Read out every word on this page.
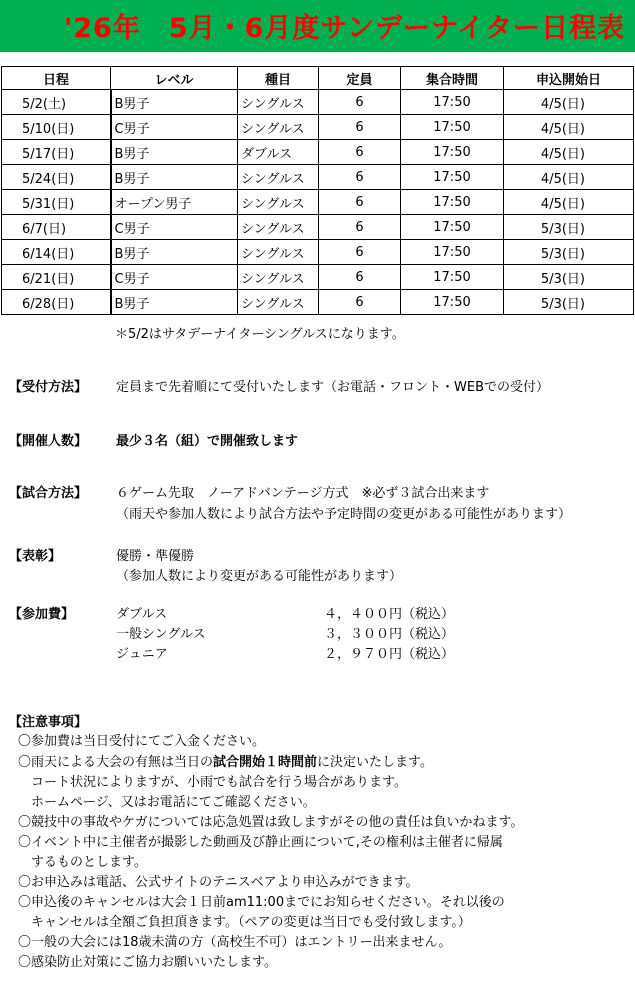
'26年　5月・6月度サンデーナイター日程表
日程	レベル	種目	定員	集合時間	申込開始日
5/2(土)	B男子	シングルス	6	17:50	4/5(日)
5/10(日)	C男子	シングルス	6	17:50	4/5(日)
5/17(日)	B男子	ダブルス	6	17:50	4/5(日)
5/24(日)	B男子	シングルス	6	17:50	4/5(日)
5/31(日)	オープン男子	シングルス	6	17:50	4/5(日)
6/7(日)	C男子	シングルス	6	17:50	5/3(日)
6/14(日)	B男子	シングルス	6	17:50	5/3(日)
6/21(日)	C男子	シングルス	6	17:50	5/3(日)
6/28(日)	B男子	シングルス	6	17:50	5/3(日)
＊5/2はサタデーナイターシングルスになります。
【受付方法】 定員まで先着順にて受付いたします（お電話・フロント・WEBでの受付）
【開催人数】 最少３名（組）で開催致します
【試合方法】 ６ゲーム先取　ノーアドバンテージ方式　※必ず３試合出来ます
（雨天や参加人数により試合方法や予定時間の変更がある可能性があります）
【表彰】	優勝・準優勝
（参加人数により変更がある可能性があります）
【参加費】	ダブルス	４，４００円（税込）
一般シングルス	３，３００円（税込）
ジュニア	２，９７０円（税込）
【注意事項】
〇参加費は当日受付にてご入金ください。
〇雨天による大会の有無は当日の試合開始１時間前に決定いたします。
　コート状況によりますが、小雨でも試合を行う場合があります。
　ホームページ、又はお電話にてご確認ください。
〇競技中の事故やケガについては応急処置は致しますがその他の責任は負いかねます。
〇イベント中に主催者が撮影した動画及び静止画について,その権利は主催者に帰属
　するものとします。
〇お申込みは電話、公式サイトのテニスベアより申込みができます。
〇申込後のキャンセルは大会１日前am11:00までにお知らせください。それ以後の
　キャンセルは全額ご負担頂きます。（ペアの変更は当日でも受付致します。）
〇一般の大会には18歳未満の方（高校生不可）はエントリー出来ません。
〇感染防止対策にご協力お願いいたします。
